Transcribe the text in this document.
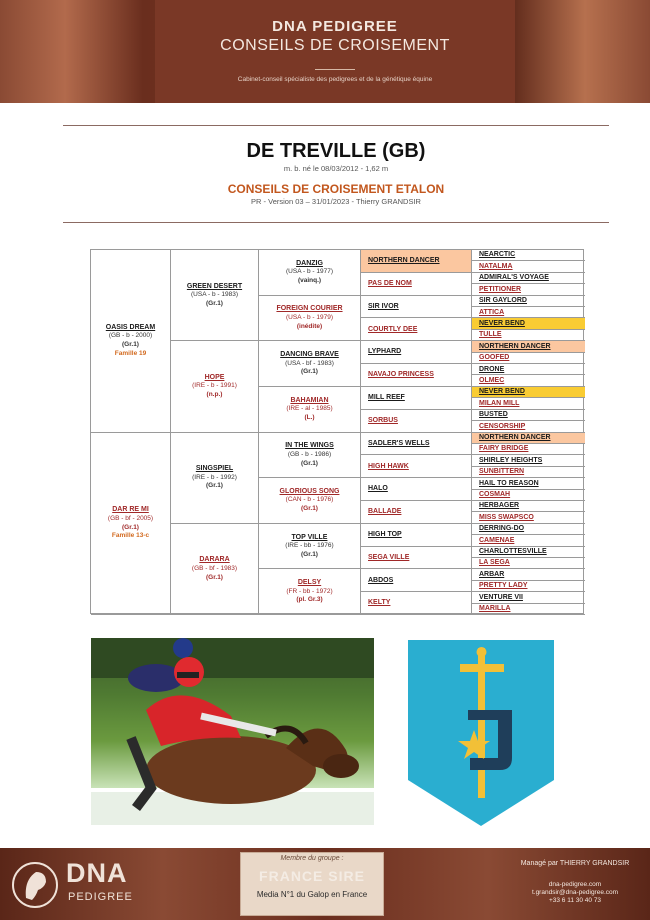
DNA PEDIGREE
CONSEILS DE CROISEMENT
Cabinet-conseil spécialiste des pedigrees et de la génétique équine
DE TREVILLE (GB)
m. b. né le 08/03/2012 - 1,62 m
CONSEILS DE CROISEMENT ETALON
PR - Version 03 – 31/01/2023 - Thierry GRANDSIR
OASIS DREAM
(GB - b - 2000)
(Gr.1)
Famille 19
DAR RE MI
(GB - bf - 2005)
(Gr.1)
Famille 13-c
GREEN DESERT
(USA - b - 1983)
(Gr.1)
HOPE
(IRE - b - 1991)
(n.p.)
SINGSPIEL
(IRE - b - 1992)
(Gr.1)
DARARA
(GB - bf - 1983)
(Gr.1)
DANZIG
(USA - b - 1977)
(vainq.)
FOREIGN COURIER
(USA - b - 1979)
(inédite)
DANCING BRAVE
(USA - bf - 1983)
(Gr.1)
BAHAMIAN
(IRE - al - 1985)
(L.)
IN THE WINGS
(GB - b - 1986)
(Gr.1)
GLORIOUS SONG
(CAN - b - 1976)
(Gr.1)
TOP VILLE
(IRE - bb - 1976)
(Gr.1)
DELSY
(FR - bb - 1972)
(pl. Gr.3)
NORTHERN DANCER
PAS DE NOM
SIR IVOR
COURTLY DEE
LYPHARD
NAVAJO PRINCESS
MILL REEF
SORBUS
SADLER'S WELLS
HIGH HAWK
HALO
BALLADE
HIGH TOP
SEGA VILLE
ABDOS
KELTY
NEARCTIC
NATALMA
ADMIRAL'S VOYAGE
PETITIONER
SIR GAYLORD
ATTICA
NEVER BEND
TULLE
NORTHERN DANCER
GOOFED
DRONE
OLMEC
NEVER BEND
MILAN MILL
BUSTED
CENSORSHIP
NORTHERN DANCER
FAIRY BRIDGE
SHIRLEY HEIGHTS
SUNBITTERN
HAIL TO REASON
COSMAH
HERBAGER
MISS SWAPSCO
DERRING-DO
CAMENAE
CHARLOTTESVILLE
LA SEGA
ARBAR
PRETTY LADY
VENTURE VII
MARILLA
DNA
PEDIGREE
Managé par THIERRY GRANDSIR
dna-pedigree.com
t.grandsir@dna-pedigree.com
+33 6 11 30 40 73
Membre du groupe :
FRANCE SIRE
Media N°1 du Galop en France
